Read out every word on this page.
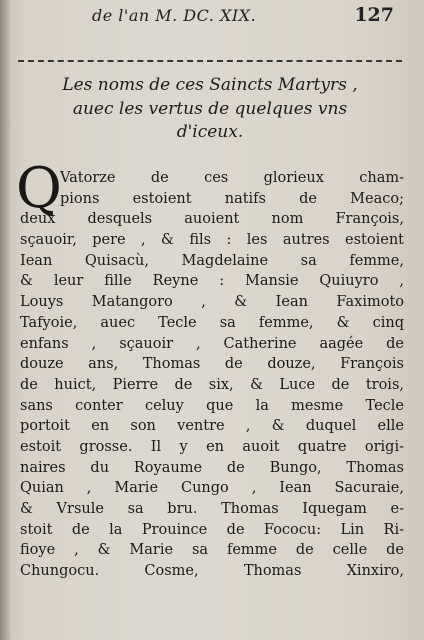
de l'an M. DC. XIX.	127
Les noms de ces Saincts Martyrs ,
auec les vertus de quelques vns
d'iceux.
Q
Vatorze de ces glorieux cham-
pions estoient natifs de Meaco;
deux desquels auoient nom François,
sçauoir, pere , & fils : les autres estoient
Iean Quisacù, Magdelaine sa femme,
& leur fille Reyne : Mansie Quiuyro ,
Louys Matangoro , & Iean Faximoto
Tafyoie, auec Tecle sa femme, & cinq
enfans , sçauoir , Catherine aagée de
douze ans, Thomas de douze, François
de huict, Pierre de six, & Luce de trois,
sans conter celuy que la mesme Tecle
portoit en son ventre , & duquel elle
estoit grosse. Il y en auoit quatre origi-
naires du Royaume de Bungo, Thomas
Quian , Marie Cungo , Iean Sacuraie,
& Vrsule sa bru. Thomas Iquegam e-
stoit de la Prouince de Fococu: Lin Ri-
fioye , & Marie sa femme de celle de
Chungocu. Cosme, Thomas Xinxiro,
